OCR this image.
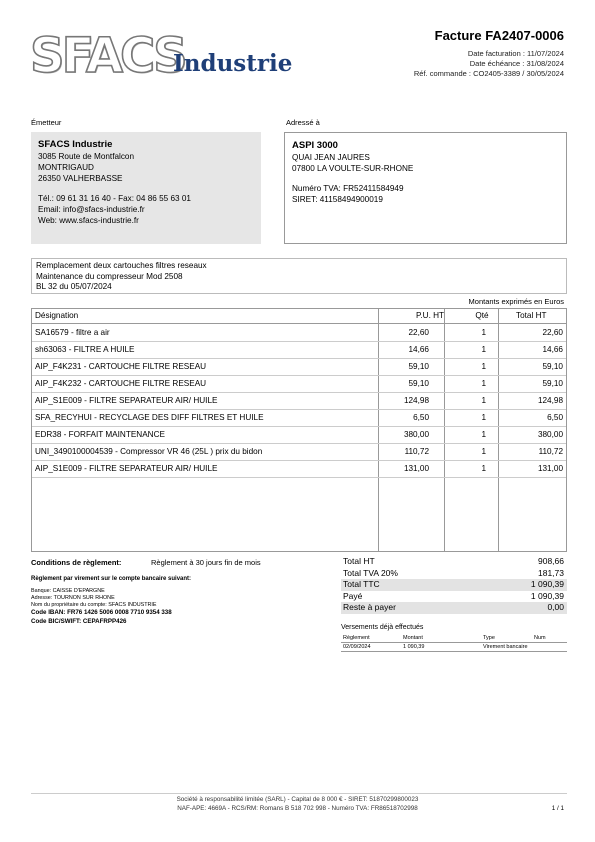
SFACS
Industrie
Facture FA2407-0006
Date facturation : 11/07/2024
Date échéance : 31/08/2024
Réf. commande : CO2405-3389 / 30/05/2024
Émetteur	Adressé à
SFACS Industrie
3085 Route de Montfalcon
MONTRIGAUD
26350 VALHERBASSE
Tél.: 09 61 31 16 40 - Fax: 04 86 55 63 01
Email: info@sfacs-industrie.fr
Web: www.sfacs-industrie.fr
ASPI 3000
QUAI JEAN JAURES
07800 LA VOULTE-SUR-RHONE
Numéro TVA: FR52411584949
SIRET: 41158494900019
Remplacement deux cartouches filtres reseaux
Maintenance du compresseur Mod 2508
BL 32 du 05/07/2024
Montants exprimés en Euros
Désignation	P.U. HT	Qté	Total HT
SA16579 - filtre a air	22,60	1	22,60
sh63063 - FILTRE A HUILE	14,66	1	14,66
AIP_F4K231 - CARTOUCHE FILTRE RESEAU	59,10	1	59,10
AIP_F4K232 - CARTOUCHE FILTRE RESEAU	59,10	1	59,10
AIP_S1E009 - FILTRE SEPARATEUR AIR/ HUILE	124,98	1	124,98
SFA_RECYHUI - RECYCLAGE DES DIFF FILTRES ET HUILE	6,50	1	6,50
EDR38 - FORFAIT MAINTENANCE	380,00	1	380,00
UNI_3490100004539 - Compressor VR 46 (25L ) prix du bidon	110,72	1	110,72
AIP_S1E009 - FILTRE SEPARATEUR AIR/ HUILE	131,00	1	131,00
Conditions de règlement:	Règlement à 30 jours fin de mois
Règlement par virement sur le compte bancaire suivant:
Banque: CAISSE D'EPARGNE
Adresse: TOURNON SUR RHONE
Nom du propriétaire du compte: SFACS INDUSTRIE
Code IBAN: FR76 1426 5006 0008 7710 9354 338
Code BIC/SWIFT: CEPAFRPP426
Total HT	908,66
Total TVA 20%	181,73
Total TTC	1 090,39
Payé	1 090,39
Reste à payer	0,00
Versements déjà effectués
Règlement	Montant	Type	Num
02/09/2024	1 090,39	Virement bancaire
Société à responsabilité limitée (SARL) - Capital de 8 000 € - SIRET: 51870299800023
NAF-APE: 4669A - RCS/RM: Romans B 518 702 998 - Numéro TVA: FR86518702998	1 / 1
